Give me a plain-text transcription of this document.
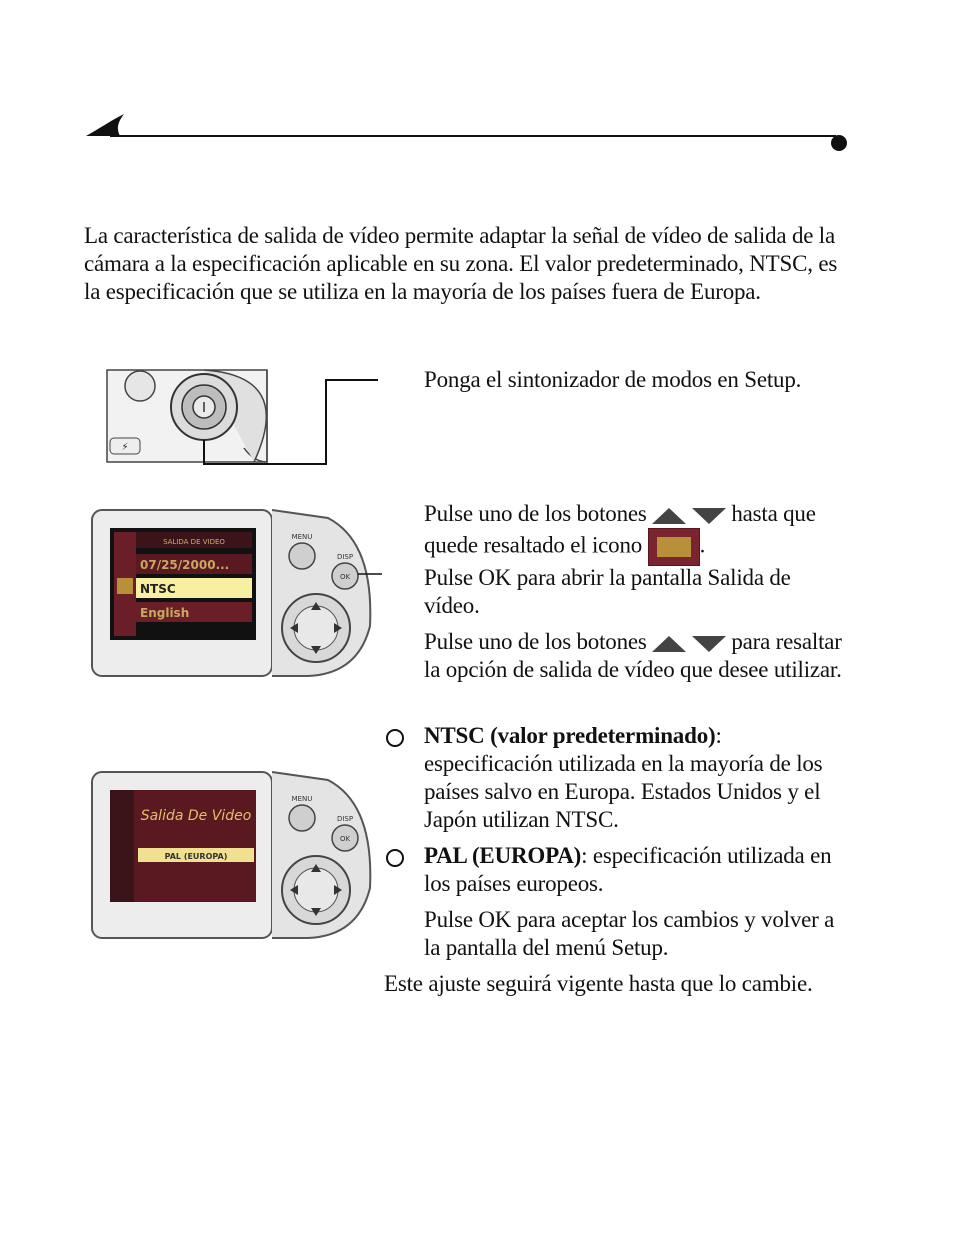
La característica de salida de vídeo permite adaptar la señal de vídeo de salida de la cámara a la especificación aplicable en su zona. El valor predeterminado, NTSC, es la especificación que se utiliza en la mayoría de los países fuera de Europa.
⚡
Ponga el sintonizador de modos en Setup.
SALIDA DE VIDEO
07/25/2000...
NTSC
English
MENU
DISP
OK
Pulse uno de los botones	hasta que quede resaltado el icono	.
Pulse OK para abrir la pantalla Salida de vídeo.
Pulse uno de los botones	para resaltar la opción de salida de vídeo que desee utilizar.
Salida De Video
PAL (EUROPA)
MENU
DISP
OK
NTSC (valor predeterminado): especificación utilizada en la mayoría de los países salvo en Europa. Estados Unidos y el Japón utilizan NTSC.
PAL (EUROPA): especificación utilizada en los países europeos.
Pulse OK para aceptar los cambios y volver a la pantalla del menú Setup.
Este ajuste seguirá vigente hasta que lo cambie.
